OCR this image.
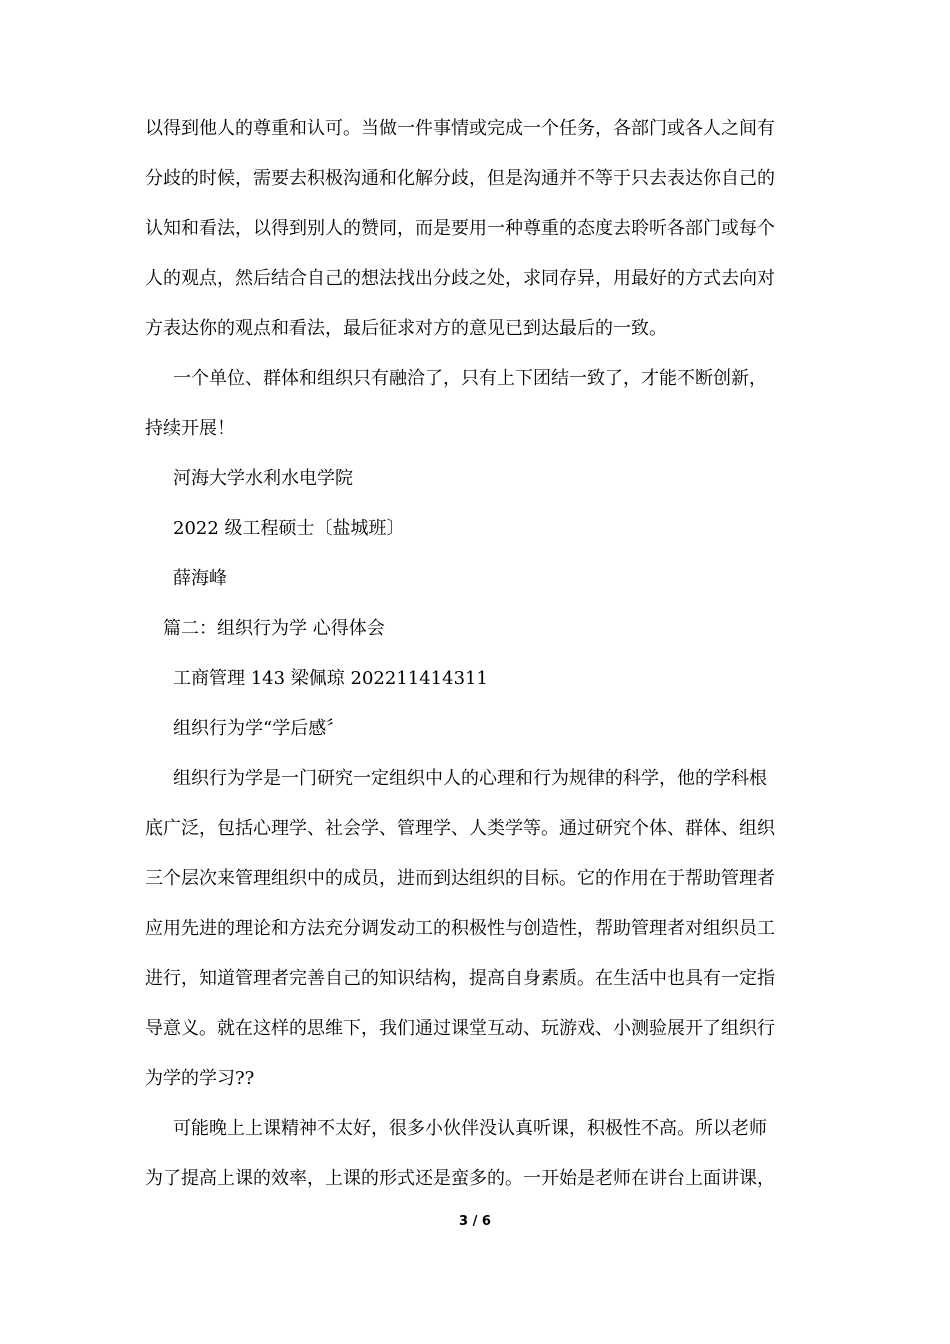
以得到他人的尊重和认可。当做一件事情或完成一个任务，各部门或各人之间有
分歧的时候，需要去积极沟通和化解分歧，但是沟通并不等于只去表达你自己的
认知和看法，以得到别人的赞同，而是要用一种尊重的态度去聆听各部门或每个
人的观点，然后结合自己的想法找出分歧之处，求同存异，用最好的方式去向对
方表达你的观点和看法，最后征求对方的意见已到达最后的一致。
一个单位、群体和组织只有融洽了，只有上下团结一致了，才能不断创新，
持续开展！
河海大学水利水电学院
2022 级工程硕士〔盐城班〕
薛海峰
篇二：组织行为学 心得体会
工商管理 143 梁佩琼 202211414311
组织行为学“学后感〞
组织行为学是一门研究一定组织中人的心理和行为规律的科学，他的学科根
底广泛，包括心理学、社会学、管理学、人类学等。通过研究个体、群体、组织
三个层次来管理组织中的成员，进而到达组织的目标。它的作用在于帮助管理者
应用先进的理论和方法充分调发动工的积极性与创造性，帮助管理者对组织员工
进行，知道管理者完善自己的知识结构，提高自身素质。在生活中也具有一定指
导意义。就在这样的思维下，我们通过课堂互动、玩游戏、小测验展开了组织行
为学的学习??
可能晚上上课精神不太好，很多小伙伴没认真听课，积极性不高。所以老师
为了提高上课的效率，上课的形式还是蛮多的。一开始是老师在讲台上面讲课，
3 / 6
